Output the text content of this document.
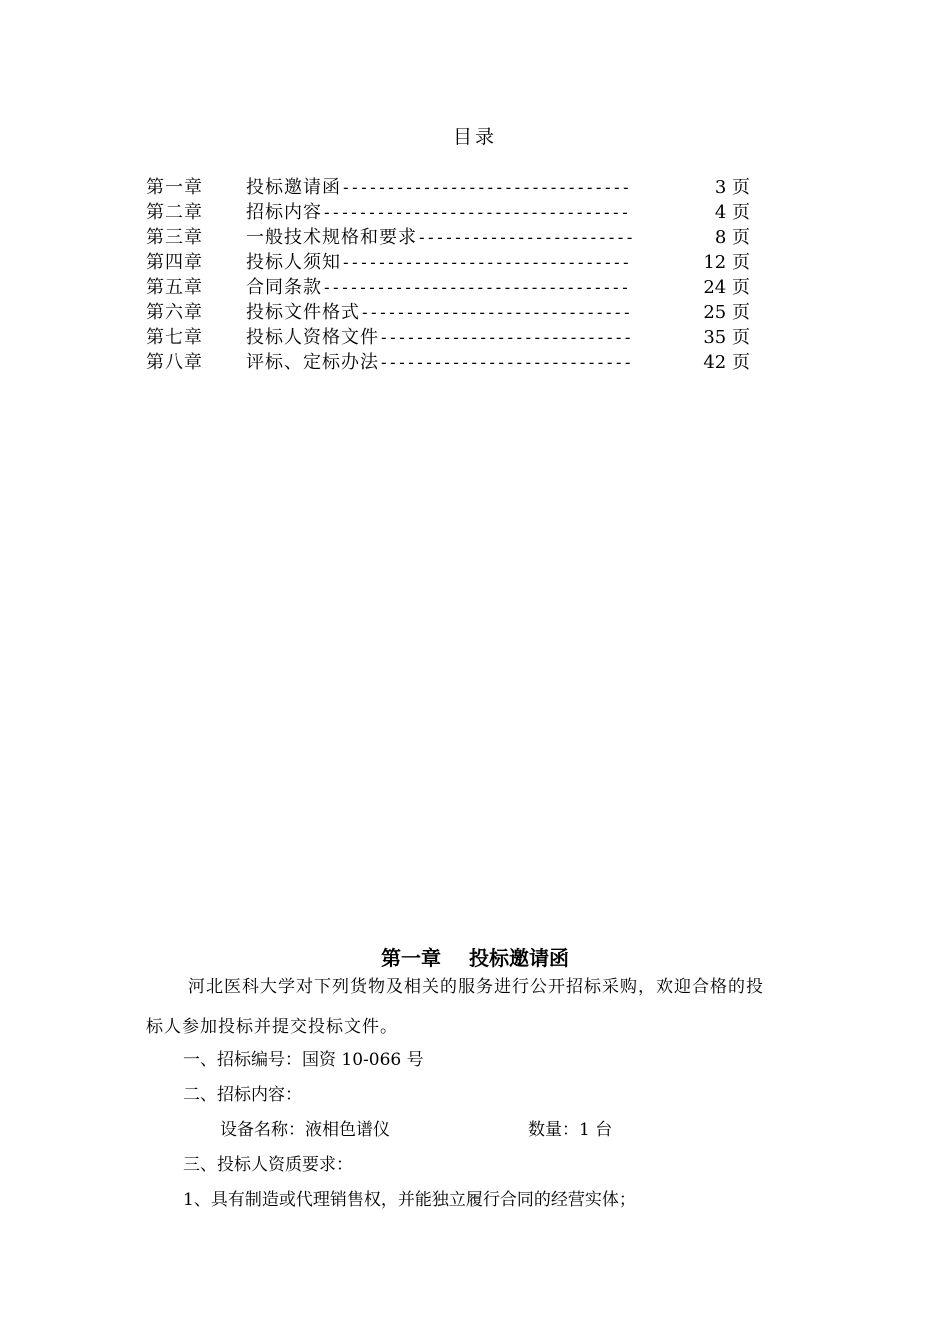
目录
第一章	投标邀请函 --------------------------------	3 页
第二章	招标内容 ----------------------------------	4 页
第三章	一般技术规格和要求 ------------------------	8 页
第四章	投标人须知 --------------------------------	12 页
第五章	合同条款 ----------------------------------	24 页
第六章	投标文件格式 ------------------------------	25 页
第七章	投标人资格文件 ----------------------------	35 页
第八章	评标、定标办法 ----------------------------	42 页
第一章 投标邀请函
河北医科大学对下列货物及相关的服务进行公开招标采购，欢迎合格的投
标人参加投标并提交投标文件。
一、招标编号：国资 10-066 号
二、招标内容：
设备名称：液相色谱仪	数量：1 台
三、投标人资质要求：
1、具有制造或代理销售权，并能独立履行合同的经营实体；
